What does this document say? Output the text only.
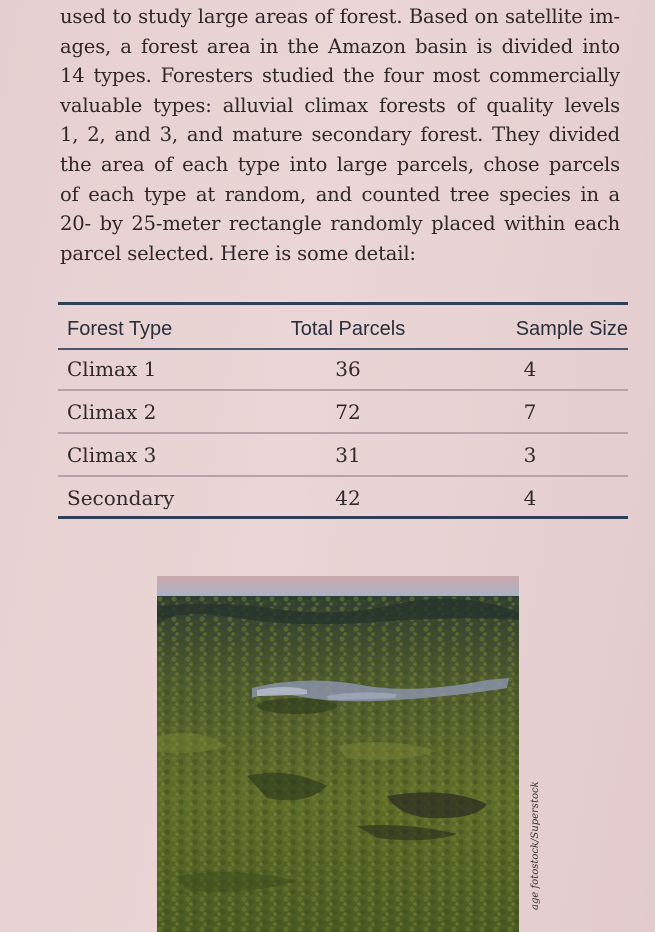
used to study large areas of forest. Based on satellite im-
ages, a forest area in the Amazon basin is divided into
14 types. Foresters studied the four most commercially
valuable types: alluvial climax forests of quality levels
1, 2, and 3, and mature secondary forest. They divided
the area of each type into large parcels, chose parcels
of each type at random, and counted tree species in a
20- by 25-meter rectangle randomly placed within each
parcel selected. Here is some detail:
Forest Type	Total Parcels	Sample Size
Climax 1	36	4
Climax 2	72	7
Climax 3	31	3
Secondary	42	4
age fotostock/Superstock
